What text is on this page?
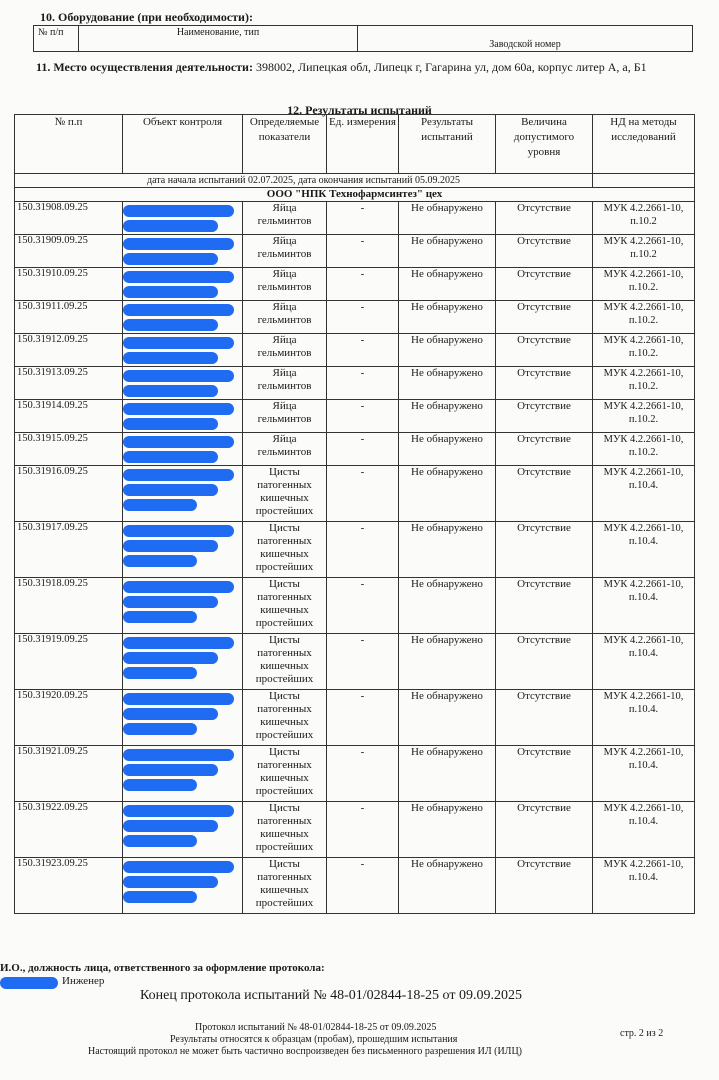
10. Оборудование (при необходимости):
№ п/п	Наименование, тип	Заводской номер
11. Место осуществления деятельности: 398002, Липецкая обл, Липецк г, Гагарина ул, дом 60а, корпус литер А, а, Б1
12. Результаты испытаний
№ п.п	Объект контроля	Определяемые показатели	Ед. измерения	Результаты испытаний	Величина допустимого уровня	НД на методы исследований
дата начала испытаний 02.07.2025, дата окончания испытаний 05.09.2025						
ООО "НПК Технофармсинтез" цех						
150.31908.09.25		Яйца гельминтов	-	Не обнаружено	Отсутствие	МУК 4.2.2661-10, п.10.2
150.31909.09.25		Яйца гельминтов	-	Не обнаружено	Отсутствие	МУК 4.2.2661-10, п.10.2
150.31910.09.25		Яйца гельминтов	-	Не обнаружено	Отсутствие	МУК 4.2.2661-10, п.10.2.
150.31911.09.25		Яйца гельминтов	-	Не обнаружено	Отсутствие	МУК 4.2.2661-10, п.10.2.
150.31912.09.25		Яйца гельминтов	-	Не обнаружено	Отсутствие	МУК 4.2.2661-10, п.10.2.
150.31913.09.25		Яйца гельминтов	-	Не обнаружено	Отсутствие	МУК 4.2.2661-10, п.10.2.
150.31914.09.25		Яйца гельминтов	-	Не обнаружено	Отсутствие	МУК 4.2.2661-10, п.10.2.
150.31915.09.25		Яйца гельминтов	-	Не обнаружено	Отсутствие	МУК 4.2.2661-10, п.10.2.
150.31916.09.25		Цисты патогенных кишечных простейших	-	Не обнаружено	Отсутствие	МУК 4.2.2661-10, п.10.4.
150.31917.09.25		Цисты патогенных кишечных простейших	-	Не обнаружено	Отсутствие	МУК 4.2.2661-10, п.10.4.
150.31918.09.25		Цисты патогенных кишечных простейших	-	Не обнаружено	Отсутствие	МУК 4.2.2661-10, п.10.4.
150.31919.09.25		Цисты патогенных кишечных простейших	-	Не обнаружено	Отсутствие	МУК 4.2.2661-10, п.10.4.
150.31920.09.25		Цисты патогенных кишечных простейших	-	Не обнаружено	Отсутствие	МУК 4.2.2661-10, п.10.4.
150.31921.09.25		Цисты патогенных кишечных простейших	-	Не обнаружено	Отсутствие	МУК 4.2.2661-10, п.10.4.
150.31922.09.25		Цисты патогенных кишечных простейших	-	Не обнаружено	Отсутствие	МУК 4.2.2661-10, п.10.4.
150.31923.09.25		Цисты патогенных кишечных простейших	-	Не обнаружено	Отсутствие	МУК 4.2.2661-10, п.10.4.
И.О., должность лица, ответственного за оформление протокола:
Инженер
Конец протокола испытаний № 48-01/02844-18-25 от 09.09.2025
Протокол испытаний № 48-01/02844-18-25 от 09.09.2025
Результаты относятся к образцам (пробам), прошедшим испытания
Настоящий протокол не может быть частично воспроизведен без письменного разрешения ИЛ (ИЛЦ)
стр. 2 из 2
